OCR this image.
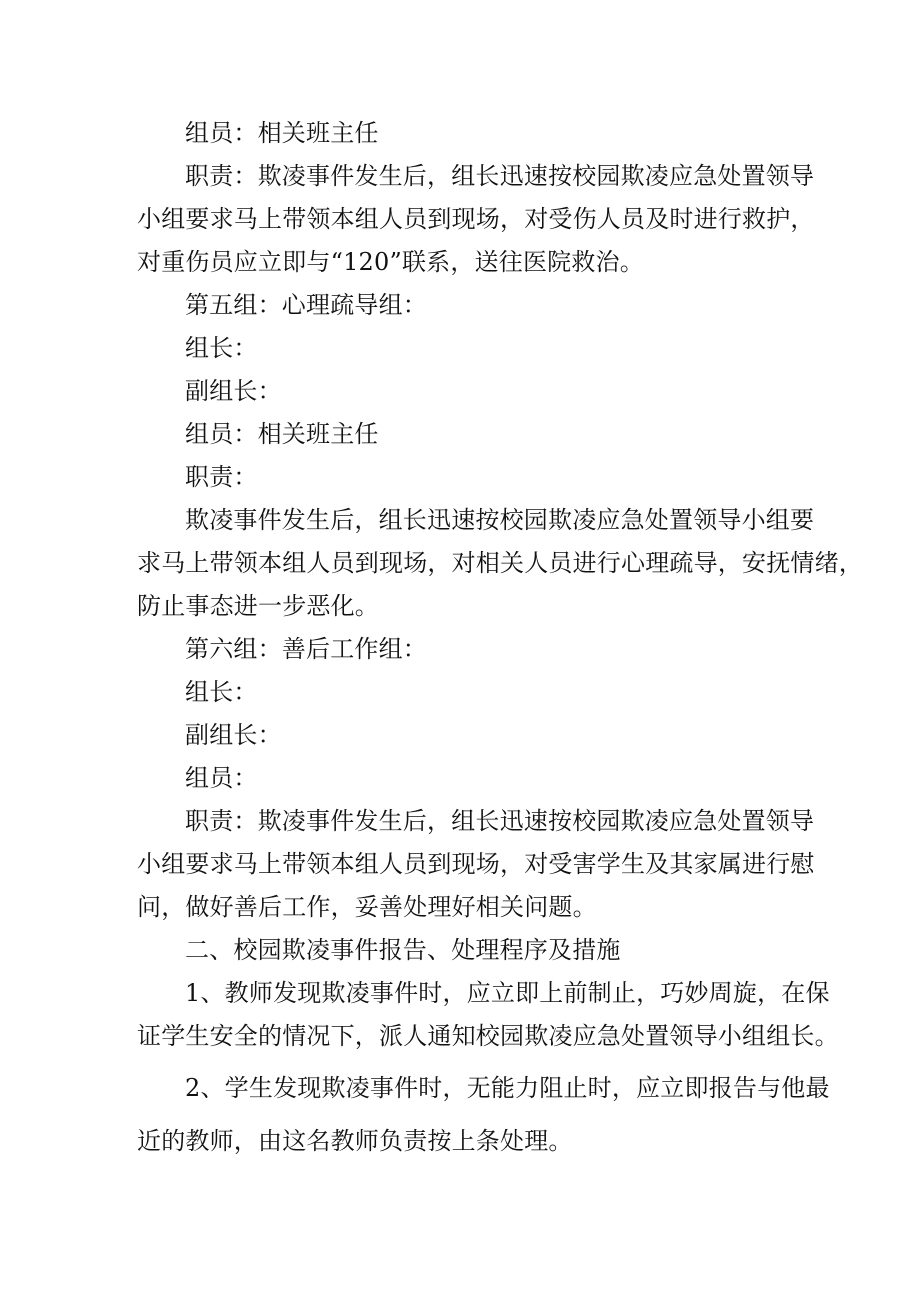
组员：相关班主任
职责：欺凌事件发生后，组长迅速按校园欺凌应急处置领导
小组要求马上带领本组人员到现场，对受伤人员及时进行救护，
对重伤员应立即与“120”联系，送往医院救治。
第五组：心理疏导组：
组长：
副组长：
组员：相关班主任
职责：
欺凌事件发生后，组长迅速按校园欺凌应急处置领导小组要
求马上带领本组人员到现场，对相关人员进行心理疏导，安抚情绪，
防止事态进一步恶化。
第六组：善后工作组：
组长：
副组长：
组员：
职责：欺凌事件发生后，组长迅速按校园欺凌应急处置领导
小组要求马上带领本组人员到现场，对受害学生及其家属进行慰
问，做好善后工作，妥善处理好相关问题。
二、校园欺凌事件报告、处理程序及措施
1、教师发现欺凌事件时，应立即上前制止，巧妙周旋，在保
证学生安全的情况下，派人通知校园欺凌应急处置领导小组组长。
2、学生发现欺凌事件时，无能力阻止时，应立即报告与他最
近的教师，由这名教师负责按上条处理。
